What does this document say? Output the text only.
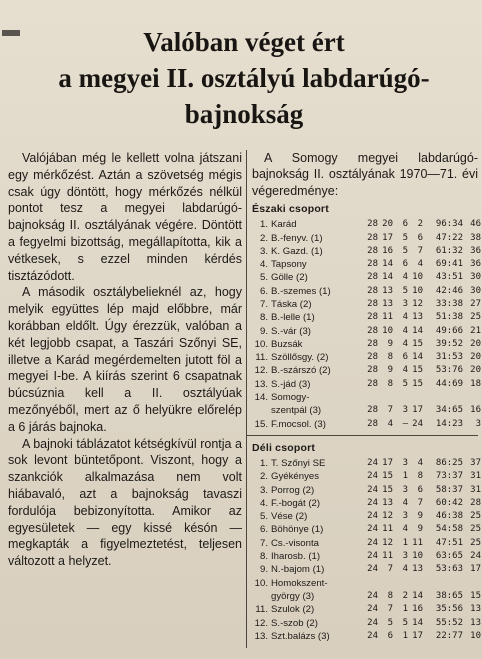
Valóban véget ért
a megyei II. osztályú labdarúgó-
bajnokság

Valójában még le kellett volna játszani egy mérkőzést. Aztán a szövetség mégis csak úgy döntött, hogy mérkőzés nélkül pontot tesz a megyei labdarúgó-bajnokság II. osztályának végére. Döntött a fegyelmi bizottság, megállapította, kik a vétkesek, s ezzel minden kérdés tisztázódott.

A második osztálybelieknél az, hogy melyik együttes lép majd előbbre, már korábban eldőlt. Úgy érezzük, valóban a két legjobb csapat, a Taszári Szőnyi SE, illetve a Karád megérdemelten jutott föl a megyei I-be. A kiírás szerint 6 csapatnak búcsúznia kell a II. osztályúak mezőnyéből, mert az ő helyükre előrelép a 6 járás bajnoka.

A bajnoki táblázatot kétségkívül rontja a sok levont büntetőpont. Viszont, hogy a szankciók alkalmazása nem volt hiábavaló, azt a bajnokság tavaszi fordulója bebizonyította. Amikor az egyesületek — egy kissé késón — megkapták a figyelmeztetést, teljesen változott a helyzet.

A Somogy megyei labdarúgó-bajnokság II. osztályának 1970—71. évi végeredménye:

Északi csoport
1.	Karád	28	20	6	2	96:34	46
2.	B.-fenyv. (1)	28	17	5	6	47:22	38
3.	K. Gazd. (1)	28	16	5	7	61:32	36
4.	Tapsony	28	14	6	4	69:41	36
5.	Gölle (2)	28	14	4	10	43:51	30
6.	B.-szemes (1)	28	13	5	10	42:46	30
7.	Táska (2)	28	13	3	12	33:38	27
8.	B.-lelle (1)	28	11	4	13	51:38	25
9.	S.-vár (3)	28	10	4	14	49:66	21
10.	Buzsák	28	9	4	15	39:52	20
11.	Szöllősgy. (2)	28	8	6	14	31:53	20
12.	B.-szárszó (2)	28	9	4	15	53:76	20
13.	S.-jád (3)	28	8	5	15	44:69	18
14.	Somogy-						
	szentpál (3)	28	7	3	17	34:65	16
15.	F.mocsol. (3)	28	4	—	24	14:23	3
Déli csoport
1.	T. Szőnyi SE	24	17	3	4	86:25	37
2.	Gyékényes	24	15	1	8	73:37	31
3.	Porrog (2)	24	15	3	6	58:37	31
4.	F.-bogát (2)	24	13	4	7	60:42	28
5.	Vése (2)	24	12	3	9	46:38	25
6.	Böhönye (1)	24	11	4	9	54:58	25
7.	Cs.-visonta	24	12	1	11	47:51	25
8.	Iharosb. (1)	24	11	3	10	63:65	24
9.	N.-bajom (1)	24	7	4	13	53:63	17
10.	Homokszent-						
	györgy (3)	24	8	2	14	38:65	15
11.	Szulok (2)	24	7	1	16	35:56	13
12.	S.-szob (2)	24	5	5	14	55:52	13
13.	Szt.balázs (3)	24	6	1	17	22:77	10
